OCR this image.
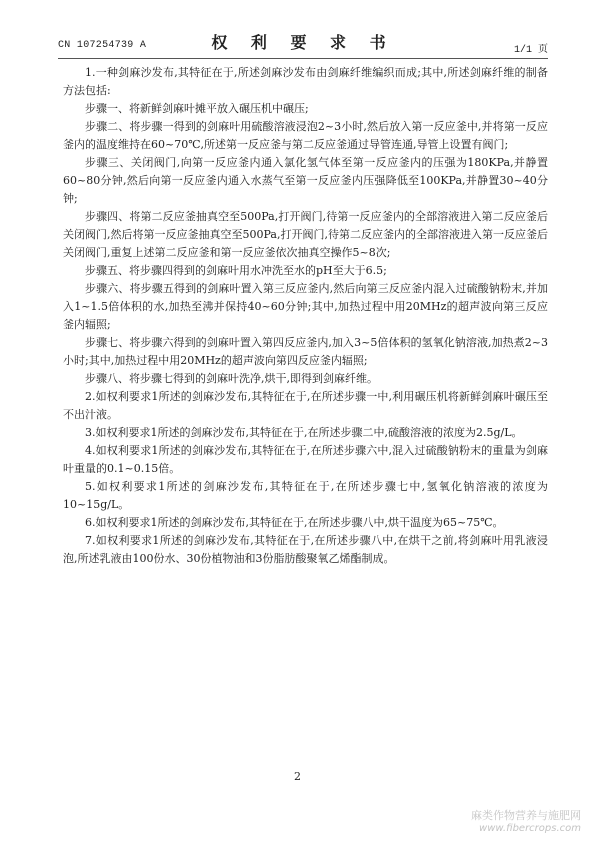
CN 107254739 A	权 利 要 求 书	1/1 页

1.一种剑麻沙发布,其特征在于,所述剑麻沙发布由剑麻纤维编织而成;其中,所述剑麻纤维的制备方法包括:

步骤一、将新鲜剑麻叶摊平放入碾压机中碾压;

步骤二、将步骤一得到的剑麻叶用硫酸溶液浸泡2~3小时,然后放入第一反应釜中,并将第一反应釜内的温度维持在60~70℃,所述第一反应釜与第二反应釜通过导管连通,导管上设置有阀门;

步骤三、关闭阀门,向第一反应釜内通入氯化氢气体至第一反应釜内的压强为180KPa,并静置60~80分钟,然后向第一反应釜内通入水蒸气至第一反应釜内压强降低至100KPa,并静置30~40分钟;

步骤四、将第二反应釜抽真空至500Pa,打开阀门,待第一反应釜内的全部溶液进入第二反应釜后关闭阀门,然后将第一反应釜抽真空至500Pa,打开阀门,待第二反应釜内的全部溶液进入第一反应釜后关闭阀门,重复上述第二反应釜和第一反应釜依次抽真空操作5~8次;

步骤五、将步骤四得到的剑麻叶用水冲洗至水的pH至大于6.5;

步骤六、将步骤五得到的剑麻叶置入第三反应釜内,然后向第三反应釜内混入过硫酸钠粉末,并加入1~1.5倍体积的水,加热至沸并保持40~60分钟;其中,加热过程中用20MHz的超声波向第三反应釜内辐照;

步骤七、将步骤六得到的剑麻叶置入第四反应釜内,加入3~5倍体积的氢氧化钠溶液,加热煮2~3小时;其中,加热过程中用20MHz的超声波向第四反应釜内辐照;

步骤八、将步骤七得到的剑麻叶洗净,烘干,即得到剑麻纤维。

2.如权利要求1所述的剑麻沙发布,其特征在于,在所述步骤一中,利用碾压机将新鲜剑麻叶碾压至不出汁液。

3.如权利要求1所述的剑麻沙发布,其特征在于,在所述步骤二中,硫酸溶液的浓度为2.5g/L。

4.如权利要求1所述的剑麻沙发布,其特征在于,在所述步骤六中,混入过硫酸钠粉末的重量为剑麻叶重量的0.1~0.15倍。

5.如权利要求1所述的剑麻沙发布,其特征在于,在所述步骤七中,氢氧化钠溶液的浓度为10~15g/L。

6.如权利要求1所述的剑麻沙发布,其特征在于,在所述步骤八中,烘干温度为65~75℃。

7.如权利要求1所述的剑麻沙发布,其特征在于,在所述步骤八中,在烘干之前,将剑麻叶用乳液浸泡,所述乳液由100份水、30份植物油和3份脂肪酸聚氧乙烯酯制成。

2
麻类作物营养与施肥网
www.fibercrops.com
